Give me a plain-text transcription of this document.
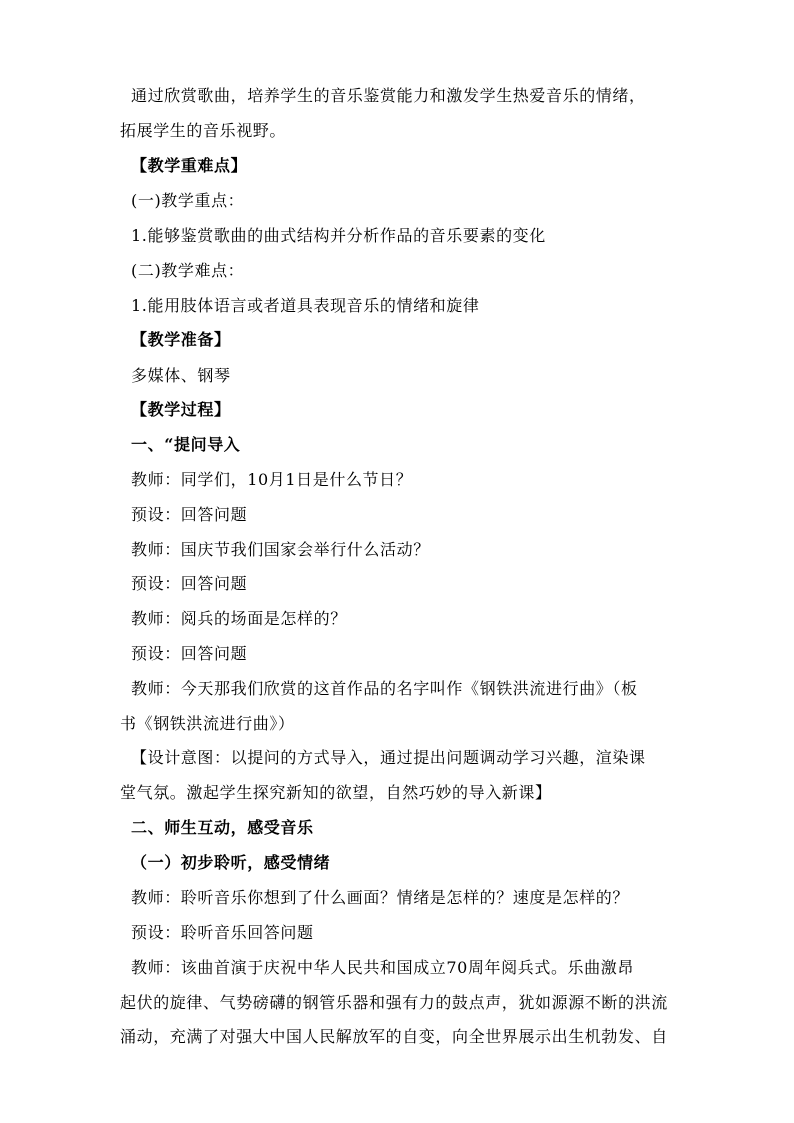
通过欣赏歌曲，培养学生的音乐鉴赏能力和激发学生热爱音乐的情绪，
拓展学生的音乐视野。
【教学重难点】
(一)教学重点：
1.能够鉴赏歌曲的曲式结构并分析作品的音乐要素的变化
(二)教学难点：
1.能用肢体语言或者道具表现音乐的情绪和旋律
【教学准备】
多媒体、钢琴
【教学过程】
一、“提问导入
教师：同学们，10月1日是什么节日？
预设：回答问题
教师：国庆节我们国家会举行什么活动？
预设：回答问题
教师：阅兵的场面是怎样的？
预设：回答问题
教师：今天那我们欣赏的这首作品的名字叫作《钢铁洪流进行曲》（板
书《钢铁洪流进行曲》）
【设计意图：以提问的方式导入，通过提出问题调动学习兴趣，渲染课
堂气氛。激起学生探究新知的欲望，自然巧妙的导入新课】
二、师生互动，感受音乐
（一）初步聆听，感受情绪
教师：聆听音乐你想到了什么画面？情绪是怎样的？速度是怎样的？
预设：聆听音乐回答问题
教师：该曲首演于庆祝中华人民共和国成立70周年阅兵式。乐曲激昂
起伏的旋律、气势磅礴的钢管乐器和强有力的鼓点声，犹如源源不断的洪流
涌动，充满了对强大中国人民解放军的自变，向全世界展示出生机勃发、自
